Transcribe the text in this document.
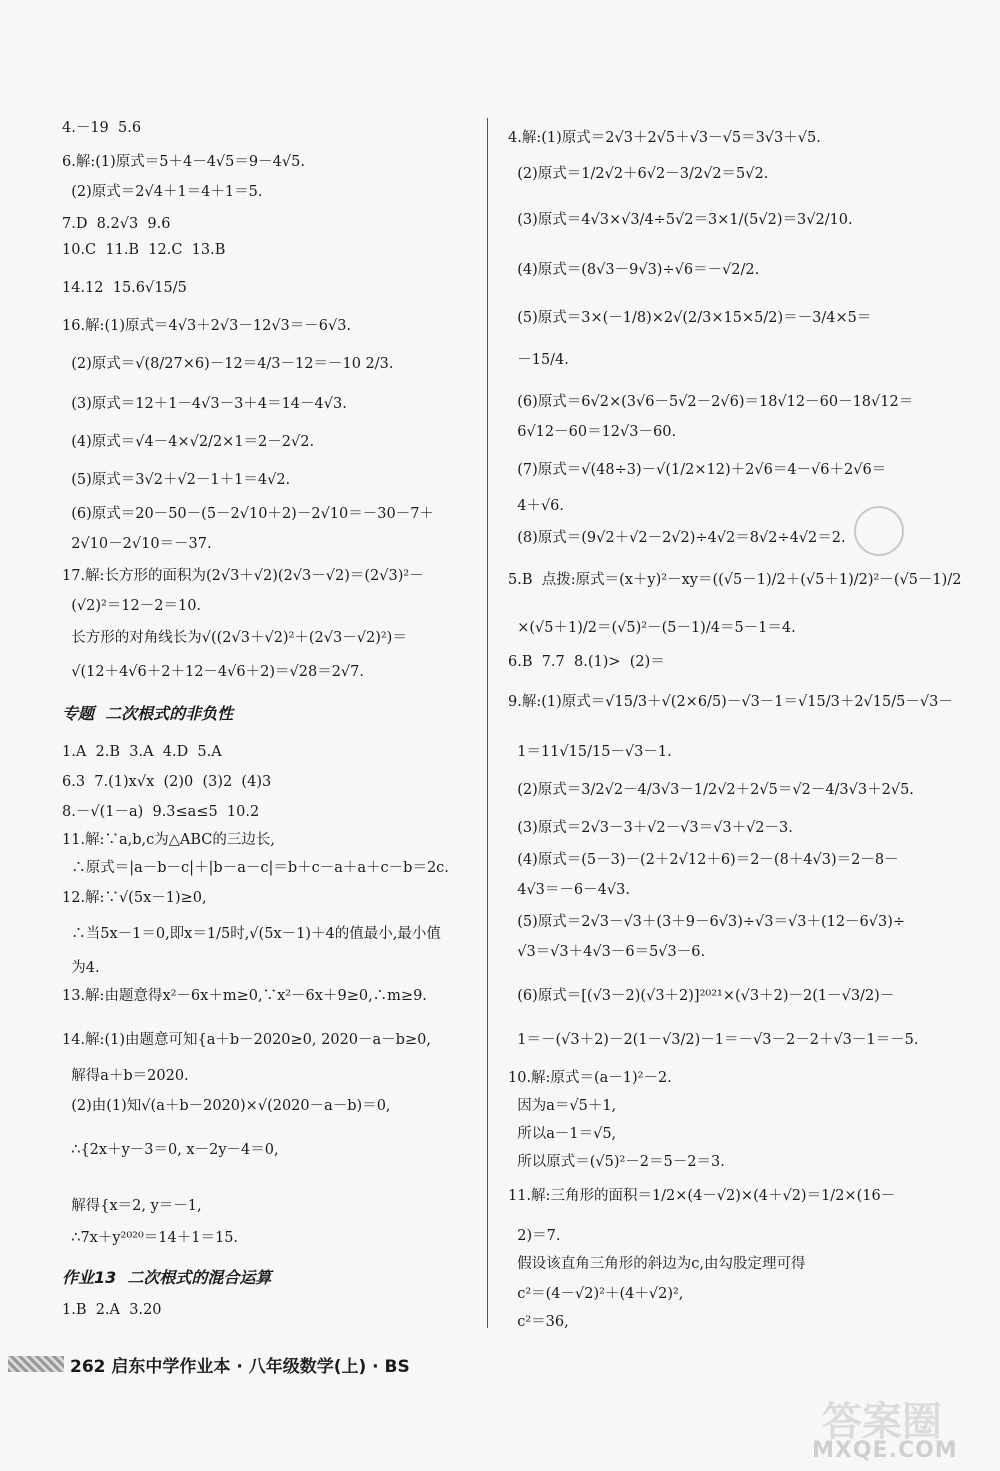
4.－19  5.6
6.解:(1)原式＝5＋4－4√5＝9－4√5.
(2)原式＝2√4＋1＝4＋1＝5.
7.D  8.2√3  9.6
10.C  11.B  12.C  13.B
14.12  15.6√15/5
16.解:(1)原式＝4√3＋2√3－12√3＝－6√3.
(2)原式＝√(8/27×6)－12＝4/3－12＝－10 2/3.
(3)原式＝12＋1－4√3－3＋4＝14－4√3.
(4)原式＝√4－4×√2/2×1＝2－2√2.
(5)原式＝3√2＋√2－1＋1＝4√2.
(6)原式＝20－50－(5－2√10＋2)－2√10＝－30－7＋
2√10－2√10＝－37.
17.解:长方形的面积为(2√3＋√2)(2√3－√2)＝(2√3)²－
(√2)²＝12－2＝10.
长方形的对角线长为√((2√3＋√2)²＋(2√3－√2)²)＝
√(12＋4√6＋2＋12－4√6＋2)＝√28＝2√7.
专题  二次根式的非负性
1.A  2.B  3.A  4.D  5.A
6.3  7.(1)x√x  (2)0  (3)2  (4)3
8.－√(1－a)  9.3≤a≤5  10.2
11.解:∵a,b,c为△ABC的三边长,
∴原式＝|a－b－c|＋|b－a－c|＝b＋c－a＋a＋c－b＝2c.
12.解:∵√(5x－1)≥0,
∴当5x－1＝0,即x＝1/5时,√(5x－1)＋4的值最小,最小值
为4.
13.解:由题意得x²－6x＋m≥0,∵x²－6x＋9≥0,∴m≥9.
14.解:(1)由题意可知{a＋b－2020≥0, 2020－a－b≥0,
解得a＋b＝2020.
(2)由(1)知√(a＋b－2020)×√(2020－a－b)＝0,
∴{2x＋y－3＝0, x－2y－4＝0,
解得{x＝2, y＝－1,
∴7x＋y²⁰²⁰＝14＋1＝15.
作业13  二次根式的混合运算
1.B  2.A  3.20
4.解:(1)原式＝2√3＋2√5＋√3－√5＝3√3＋√5.
(2)原式＝1/2√2＋6√2－3/2√2＝5√2.
(3)原式＝4√3×√3/4÷5√2＝3×1/(5√2)＝3√2/10.
(4)原式＝(8√3－9√3)÷√6＝－√2/2.
(5)原式＝3×(－1/8)×2√(2/3×15×5/2)＝－3/4×5＝
－15/4.
(6)原式＝6√2×(3√6－5√2－2√6)＝18√12－60－18√12＝
6√12－60＝12√3－60.
(7)原式＝√(48÷3)－√(1/2×12)＋2√6＝4－√6＋2√6＝
4＋√6.
(8)原式＝(9√2＋√2－2√2)÷4√2＝8√2÷4√2＝2.
5.B  点拨:原式＝(x＋y)²－xy＝((√5－1)/2＋(√5＋1)/2)²－(√5－1)/2
×(√5＋1)/2＝(√5)²－(5－1)/4＝5－1＝4.
6.B  7.7  8.(1)>  (2)＝
9.解:(1)原式＝√15/3＋√(2×6/5)－√3－1＝√15/3＋2√15/5－√3－
1＝11√15/15－√3－1.
(2)原式＝3/2√2－4/3√3－1/2√2＋2√5＝√2－4/3√3＋2√5.
(3)原式＝2√3－3＋√2－√3＝√3＋√2－3.
(4)原式＝(5－3)－(2＋2√12＋6)＝2－(8＋4√3)＝2－8－
4√3＝－6－4√3.
(5)原式＝2√3－√3＋(3＋9－6√3)÷√3＝√3＋(12－6√3)÷
√3＝√3＋4√3－6＝5√3－6.
(6)原式＝[(√3－2)(√3＋2)]²⁰²¹×(√3＋2)－2(1－√3/2)－
1＝－(√3＋2)－2(1－√3/2)－1＝－√3－2－2＋√3－1＝－5.
10.解:原式＝(a－1)²－2.
因为a＝√5＋1,
所以a－1＝√5,
所以原式＝(√5)²－2＝5－2＝3.
11.解:三角形的面积＝1/2×(4－√2)×(4＋√2)＝1/2×(16－
2)＝7.
假设该直角三角形的斜边为c,由勾股定理可得
c²＝(4－√2)²＋(4＋√2)²,
c²＝36,
262 启东中学作业本 · 八年级数学(上) · BS
答案圈
MXQE.COM
